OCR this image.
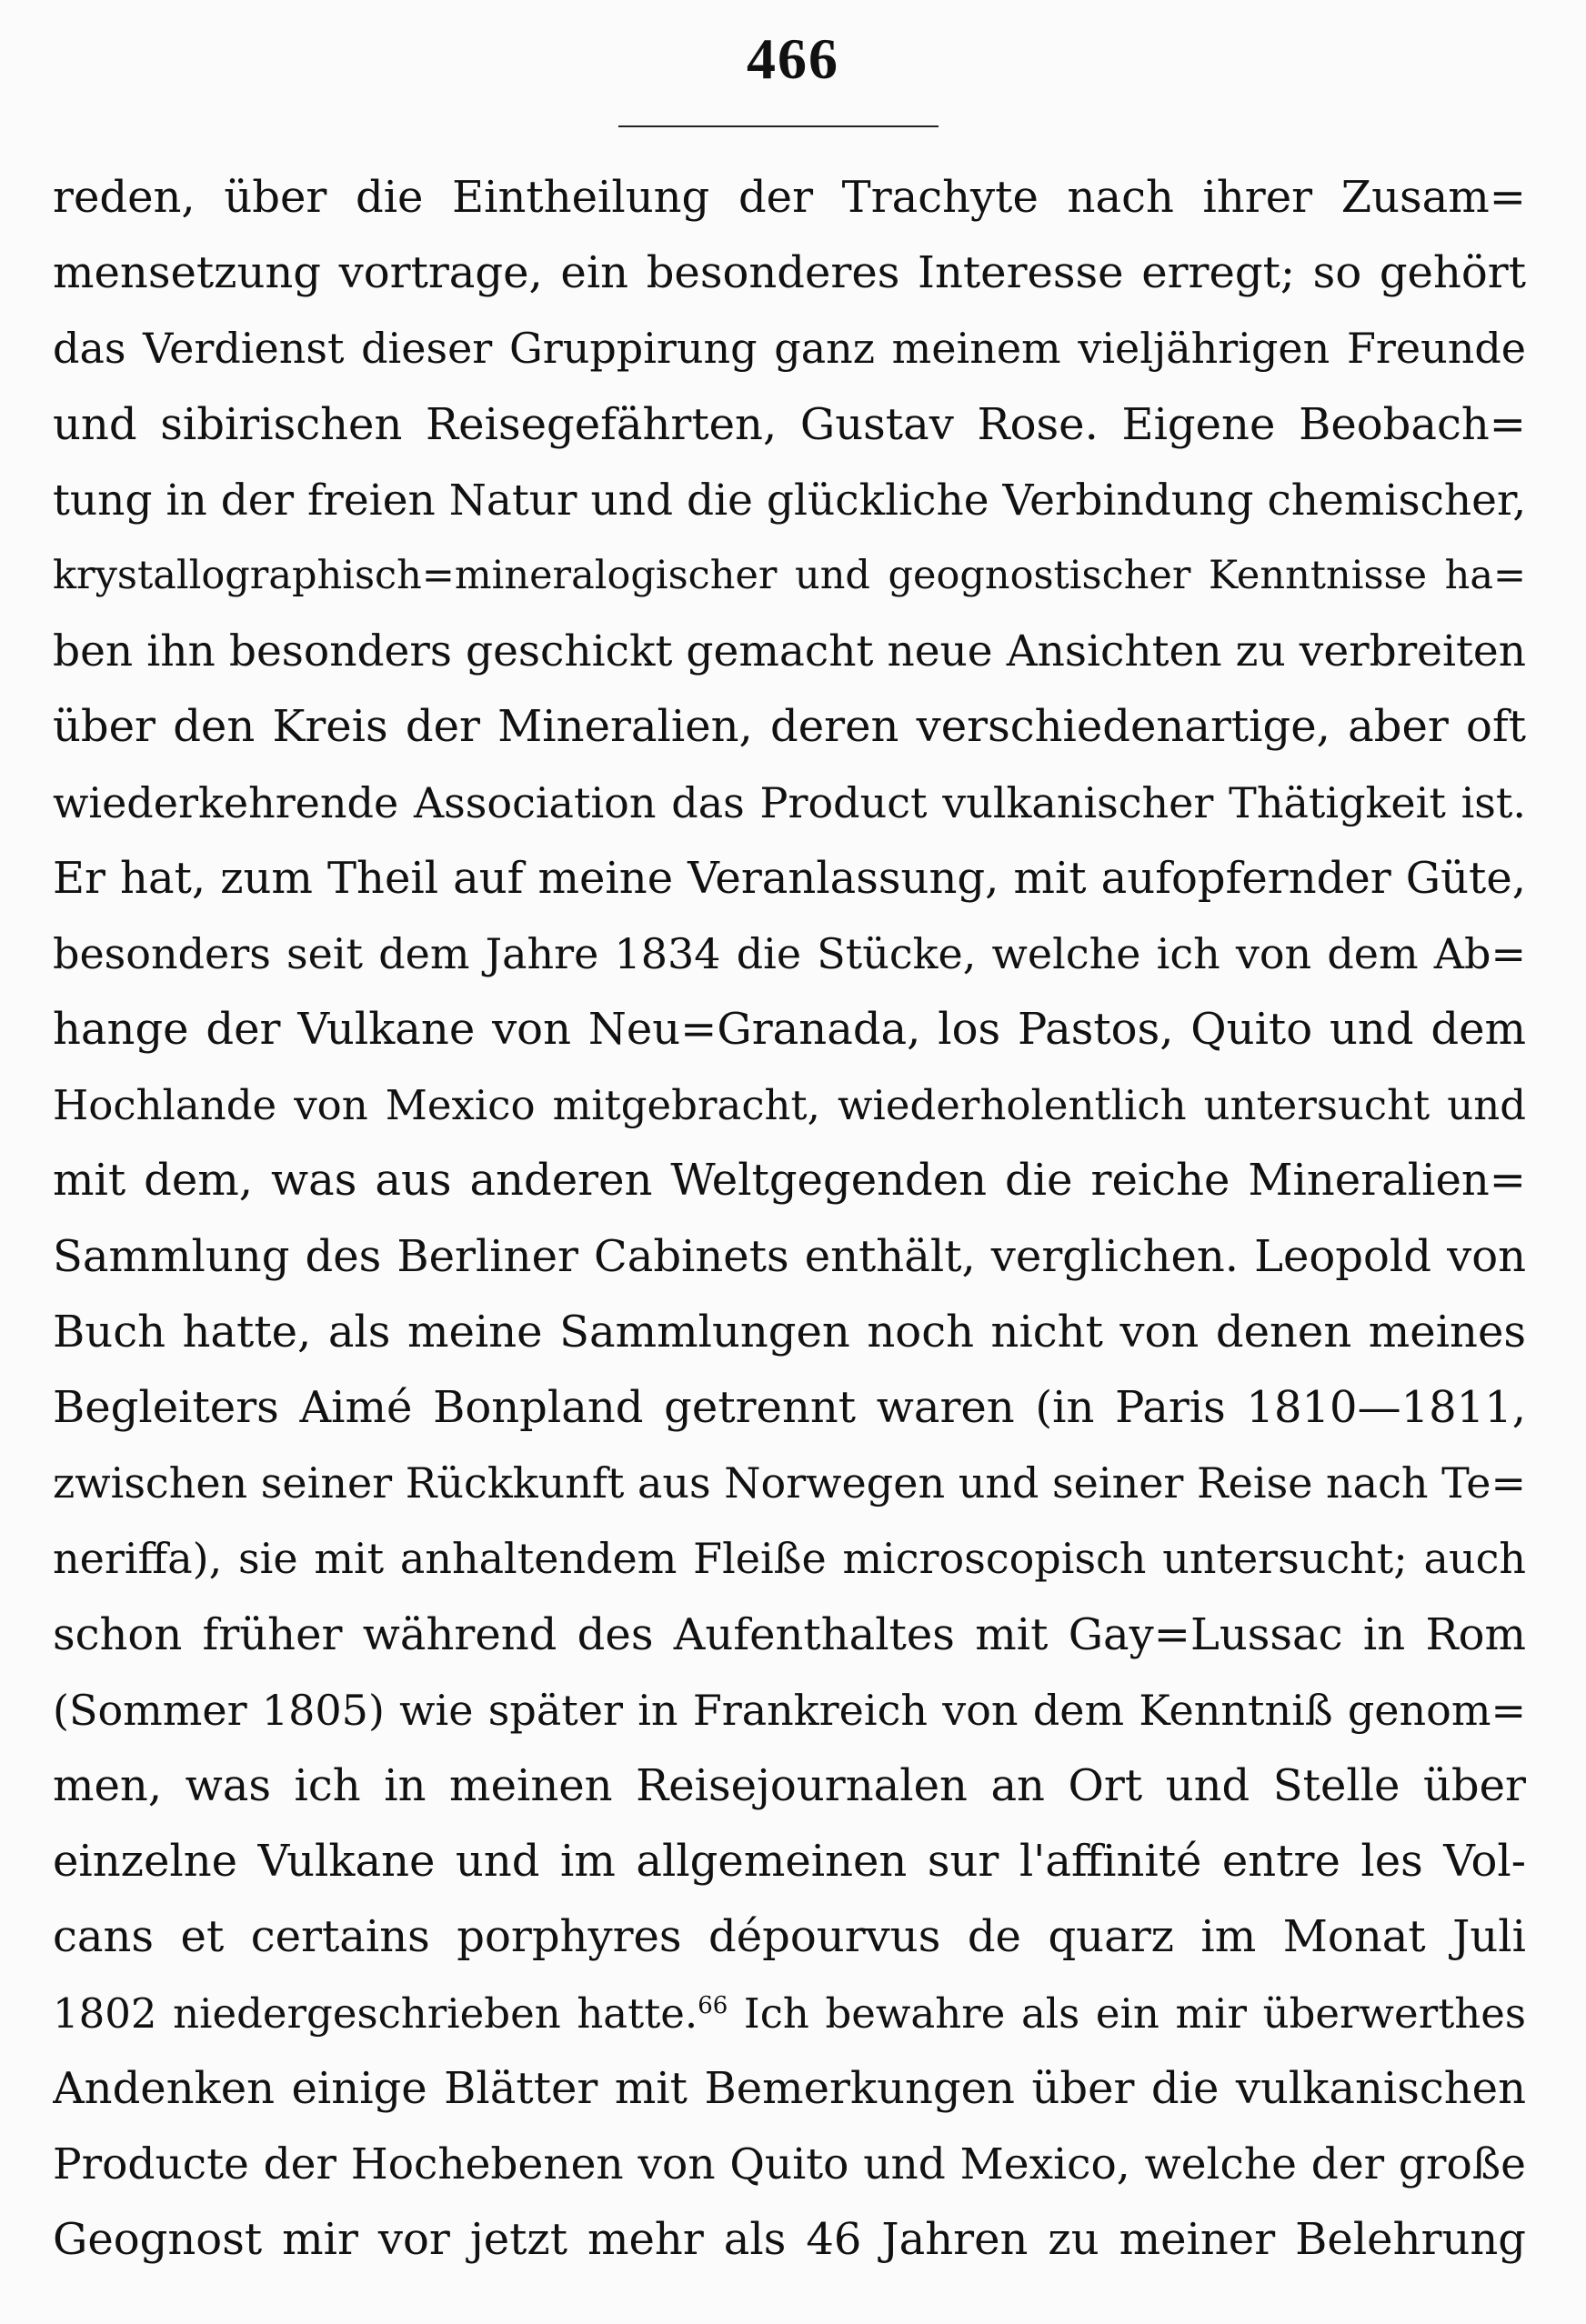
466
reden, über die Eintheilung der Trachyte nach ihrer Zusam=
mensetzung vortrage, ein besonderes Interesse erregt; so gehört
das Verdienst dieser Gruppirung ganz meinem vieljährigen Freunde
und sibirischen Reisegefährten, Gustav Rose. Eigene Beobach=
tung in der freien Natur und die glückliche Verbindung chemischer,
krystallographisch=mineralogischer und geognostischer Kenntnisse ha=
ben ihn besonders geschickt gemacht neue Ansichten zu verbreiten
über den Kreis der Mineralien, deren verschiedenartige, aber oft
wiederkehrende Association das Product vulkanischer Thätigkeit ist.
Er hat, zum Theil auf meine Veranlassung, mit aufopfernder Güte,
besonders seit dem Jahre 1834 die Stücke, welche ich von dem Ab=
hange der Vulkane von Neu=Granada, los Pastos, Quito und dem
Hochlande von Mexico mitgebracht, wiederholentlich untersucht und
mit dem, was aus anderen Weltgegenden die reiche Mineralien=
Sammlung des Berliner Cabinets enthält, verglichen. Leopold von
Buch hatte, als meine Sammlungen noch nicht von denen meines
Begleiters Aimé Bonpland getrennt waren (in Paris 1810—1811,
zwischen seiner Rückkunft aus Norwegen und seiner Reise nach Te=
neriffa), sie mit anhaltendem Fleiße microscopisch untersucht; auch
schon früher während des Aufenthaltes mit Gay=Lussac in Rom
(Sommer 1805) wie später in Frankreich von dem Kenntniß genom=
men, was ich in meinen Reisejournalen an Ort und Stelle über
einzelne Vulkane und im allgemeinen sur l'affinité entre les Vol-
cans et certains porphyres dépourvus de quarz im Monat Juli
1802 niedergeschrieben hatte.$^{66}$ Ich bewahre als ein mir überwerthes
Andenken einige Blätter mit Bemerkungen über die vulkanischen
Producte der Hochebenen von Quito und Mexico, welche der große
Geognost mir vor jetzt mehr als 46 Jahren zu meiner Belehrung
